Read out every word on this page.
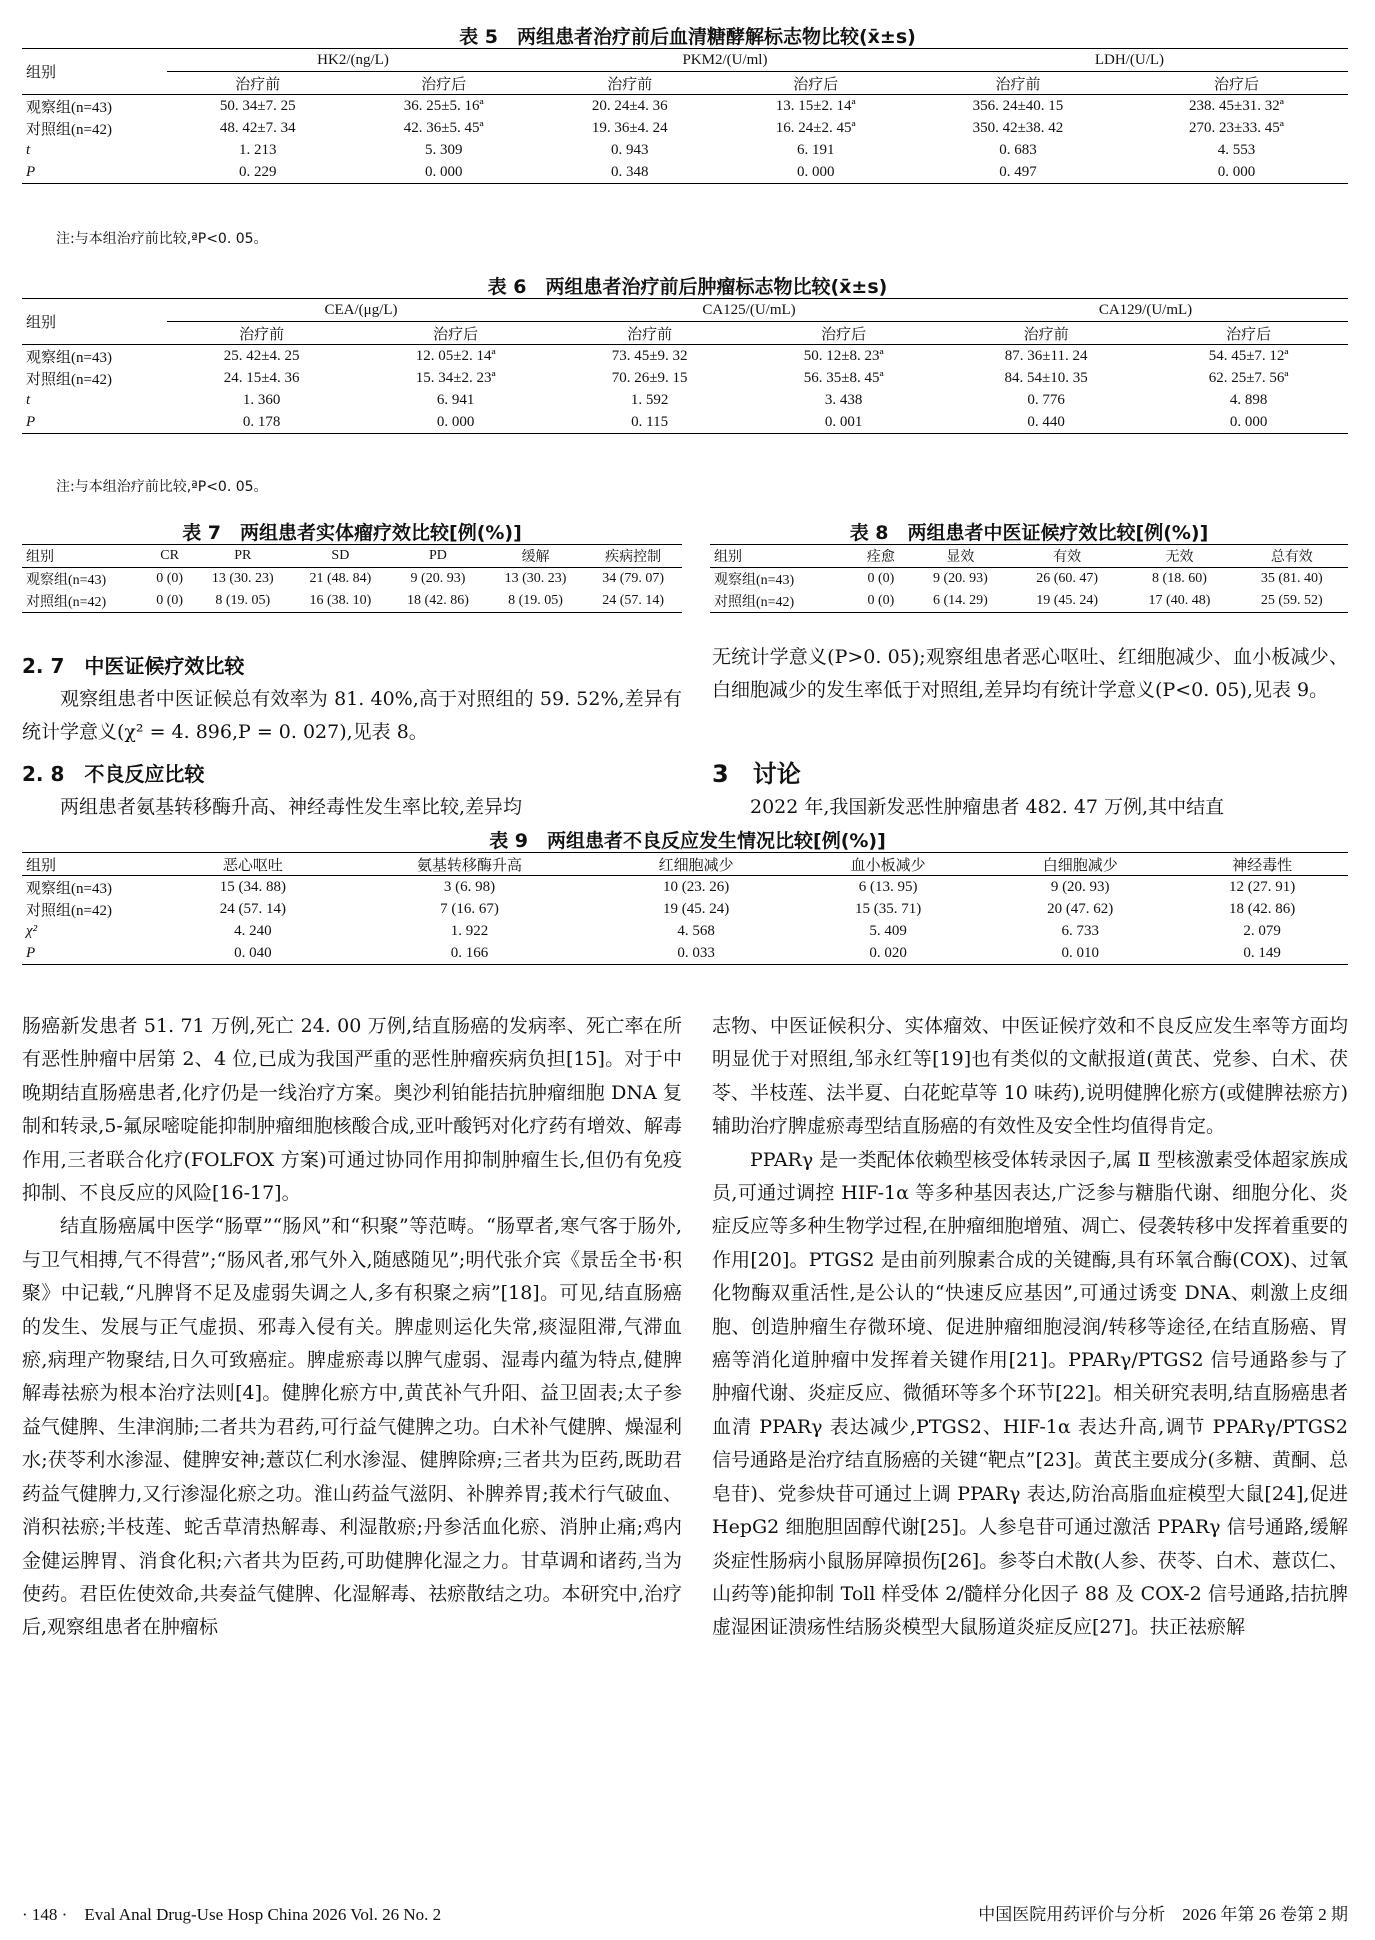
表 5　两组患者治疗前后血清糖酵解标志物比较(x̄±s)
组别	HK2/(ng/L)		PKM2/(U/ml)		LDH/(U/L)	
	治疗前	治疗后	治疗前	治疗后	治疗前	治疗后
观察组(n=43)	50. 34±7. 25	36. 25±5. 16ª	20. 24±4. 36	13. 15±2. 14ª	356. 24±40. 15	238. 45±31. 32ª
对照组(n=42)	48. 42±7. 34	42. 36±5. 45ª	19. 36±4. 24	16. 24±2. 45ª	350. 42±38. 42	270. 23±33. 45ª
t	1. 213	5. 309	0. 943	6. 191	0. 683	4. 553
P	0. 229	0. 000	0. 348	0. 000	0. 497	0. 000
注:与本组治疗前比较,ªP<0. 05。
表 6　两组患者治疗前后肿瘤标志物比较(x̄±s)
组别	CEA/(μg/L)		CA125/(U/mL)		CA129/(U/mL)	
	治疗前	治疗后	治疗前	治疗后	治疗前	治疗后
观察组(n=43)	25. 42±4. 25	12. 05±2. 14ª	73. 45±9. 32	50. 12±8. 23ª	87. 36±11. 24	54. 45±7. 12ª
对照组(n=42)	24. 15±4. 36	15. 34±2. 23ª	70. 26±9. 15	56. 35±8. 45ª	84. 54±10. 35	62. 25±7. 56ª
t	1. 360	6. 941	1. 592	3. 438	0. 776	4. 898
P	0. 178	0. 000	0. 115	0. 001	0. 440	0. 000
注:与本组治疗前比较,ªP<0. 05。
表 7　两组患者实体瘤疗效比较[例(%)]
组别	CR	PR	SD	PD	缓解	疾病控制
观察组(n=43)	0 (0)	13 (30. 23)	21 (48. 84)	9 (20. 93)	13 (30. 23)	34 (79. 07)
对照组(n=42)	0 (0)	8 (19. 05)	16 (38. 10)	18 (42. 86)	8 (19. 05)	24 (57. 14)
表 8　两组患者中医证候疗效比较[例(%)]
组别	痊愈	显效	有效	无效	总有效
观察组(n=43)	0 (0)	9 (20. 93)	26 (60. 47)	8 (18. 60)	35 (81. 40)
对照组(n=42)	0 (0)	6 (14. 29)	19 (45. 24)	17 (40. 48)	25 (59. 52)
2. 7　中医证候疗效比较

观察组患者中医证候总有效率为 81. 40%,高于对照组的 59. 52%,差异有统计学意义(χ² = 4. 896,P = 0. 027),见表 8。

2. 8　不良反应比较

两组患者氨基转移酶升高、神经毒性发生率比较,差异均

无统计学意义(P>0. 05);观察组患者恶心呕吐、红细胞减少、血小板减少、白细胞减少的发生率低于对照组,差异均有统计学意义(P<0. 05),见表 9。

3　讨论

2022 年,我国新发恶性肿瘤患者 482. 47 万例,其中结直

表 9　两组患者不良反应发生情况比较[例(%)]
组别	恶心呕吐	氨基转移酶升高	红细胞减少	血小板减少	白细胞减少	神经毒性
观察组(n=43)	15 (34. 88)	3 (6. 98)	10 (23. 26)	6 (13. 95)	9 (20. 93)	12 (27. 91)
对照组(n=42)	24 (57. 14)	7 (16. 67)	19 (45. 24)	15 (35. 71)	20 (47. 62)	18 (42. 86)
χ²	4. 240	1. 922	4. 568	5. 409	6. 733	2. 079
P	0. 040	0. 166	0. 033	0. 020	0. 010	0. 149

肠癌新发患者 51. 71 万例,死亡 24. 00 万例,结直肠癌的发病率、死亡率在所有恶性肿瘤中居第 2、4 位,已成为我国严重的恶性肿瘤疾病负担[15]。对于中晚期结直肠癌患者,化疗仍是一线治疗方案。奥沙利铂能拮抗肿瘤细胞 DNA 复制和转录,5-氟尿嘧啶能抑制肿瘤细胞核酸合成,亚叶酸钙对化疗药有增效、解毒作用,三者联合化疗(FOLFOX 方案)可通过协同作用抑制肿瘤生长,但仍有免疫抑制、不良反应的风险[16-17]。

结直肠癌属中医学“肠覃”“肠风”和“积聚”等范畴。“肠覃者,寒气客于肠外,与卫气相搏,气不得营”;“肠风者,邪气外入,随感随见”;明代张介宾《景岳全书·积聚》中记载,“凡脾肾不足及虚弱失调之人,多有积聚之病”[18]。可见,结直肠癌的发生、发展与正气虚损、邪毒入侵有关。脾虚则运化失常,痰湿阻滞,气滞血瘀,病理产物聚结,日久可致癌症。脾虚瘀毒以脾气虚弱、湿毒内蕴为特点,健脾解毒祛瘀为根本治疗法则[4]。健脾化瘀方中,黄芪补气升阳、益卫固表;太子参益气健脾、生津润肺;二者共为君药,可行益气健脾之功。白术补气健脾、燥湿利水;茯苓利水渗湿、健脾安神;薏苡仁利水渗湿、健脾除痹;三者共为臣药,既助君药益气健脾力,又行渗湿化瘀之功。淮山药益气滋阴、补脾养胃;莪术行气破血、消积祛瘀;半枝莲、蛇舌草清热解毒、利湿散瘀;丹参活血化瘀、消肿止痛;鸡内金健运脾胃、消食化积;六者共为臣药,可助健脾化湿之力。甘草调和诸药,当为使药。君臣佐使效命,共奏益气健脾、化湿解毒、祛瘀散结之功。本研究中,治疗后,观察组患者在肿瘤标

志物、中医证候积分、实体瘤效、中医证候疗效和不良反应发生率等方面均明显优于对照组,邹永红等[19]也有类似的文献报道(黄芪、党参、白术、茯苓、半枝莲、法半夏、白花蛇草等 10 味药),说明健脾化瘀方(或健脾祛瘀方)辅助治疗脾虚瘀毒型结直肠癌的有效性及安全性均值得肯定。

PPARγ 是一类配体依赖型核受体转录因子,属 Ⅱ 型核激素受体超家族成员,可通过调控 HIF-1α 等多种基因表达,广泛参与糖脂代谢、细胞分化、炎症反应等多种生物学过程,在肿瘤细胞增殖、凋亡、侵袭转移中发挥着重要的作用[20]。PTGS2 是由前列腺素合成的关键酶,具有环氧合酶(COX)、过氧化物酶双重活性,是公认的“快速反应基因”,可通过诱变 DNA、刺激上皮细胞、创造肿瘤生存微环境、促进肿瘤细胞浸润/转移等途径,在结直肠癌、胃癌等消化道肿瘤中发挥着关键作用[21]。PPARγ/PTGS2 信号通路参与了肿瘤代谢、炎症反应、微循环等多个环节[22]。相关研究表明,结直肠癌患者血清 PPARγ 表达减少,PTGS2、HIF-1α 表达升高,调节 PPARγ/PTGS2 信号通路是治疗结直肠癌的关键“靶点”[23]。黄芪主要成分(多糖、黄酮、总皂苷)、党参炔苷可通过上调 PPARγ 表达,防治高脂血症模型大鼠[24],促进 HepG2 细胞胆固醇代谢[25]。人参皂苷可通过激活 PPARγ 信号通路,缓解炎症性肠病小鼠肠屏障损伤[26]。参苓白术散(人参、茯苓、白术、薏苡仁、山药等)能抑制 Toll 样受体 2/髓样分化因子 88 及 COX-2 信号通路,拮抗脾虚湿困证溃疡性结肠炎模型大鼠肠道炎症反应[27]。扶正祛瘀解

· 148 ·　Eval Anal Drug-Use Hosp China 2026 Vol. 26 No. 2	中国医院用药评价与分析　2026 年第 26 卷第 2 期
